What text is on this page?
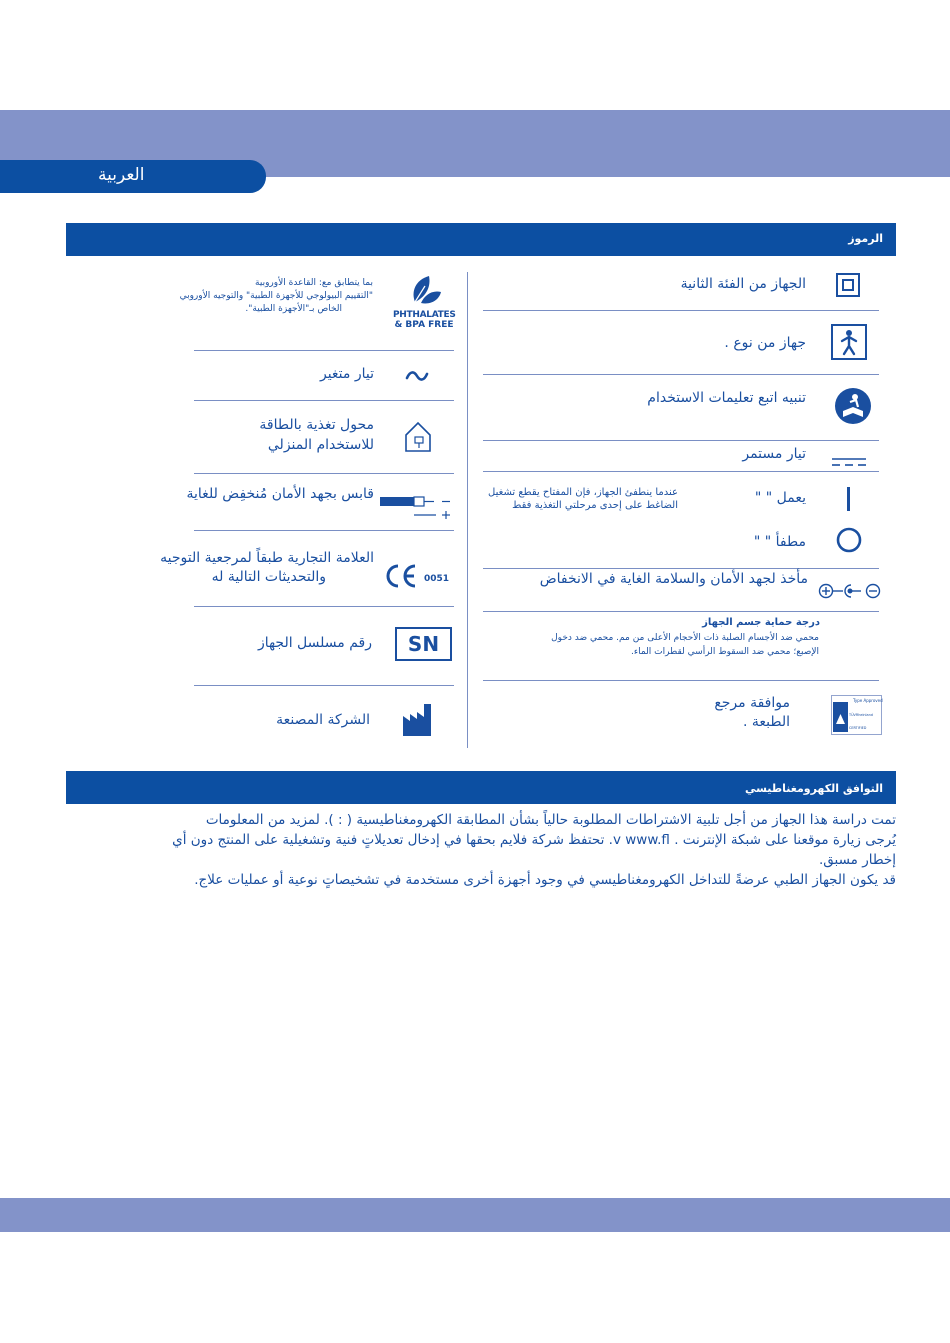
العربية
الرموز
الجهاز من الفئة الثانية
جهاز من نوع .
تنبيه اتبع تعليمات الاستخدام
تيار مستمر
يعمل " "
عندما ينطفئ الجهاز، فإن المفتاح يقطع تشغيل الضاغط على إحدى مرحلتي التغذية فقط
مطفأ " "
مأخذ لجهد الأمان والسلامة الغاية في الانخفاض
درجة حماية جسم الجهاز
محمي ضد الأجسام الصلبة ذات الأحجام الأعلى من مم. محمي ضد دخول
الإصبع؛ محمي ضد السقوط الرأسي لقطرات الماء.
Type Approved
TÜVRheinland
CERTIFIED
موافقة مرجع
الطبعة .
PHTHALATES
& BPA FREE
بما يتطابق مع: القاعدة الأوروبية
"التقييم البيولوجي للأجهزة الطبية" والتوجيه الأوروبي
الخاص بـ"الأجهزة الطبية".
تيار متغير
محول تغذية بالطاقة
للاستخدام المنزلي
قابس بجهد الأمان مُنخفِض للغاية
0051
العلامة التجارية طبقاً لمرجعية التوجيه
والتحديثات التالية له
SN
رقم مسلسل الجهاز
الشركة المصنعة
التوافق الكهرومغناطيسي
تمت دراسة هذا الجهاز من أجل تلبية الاشتراطات المطلوبة حالياً بشأن المطابقة الكهرومغناطيسية ( : ). لمزيد من المعلومات
يُرجى زيارة موقعنا على شبكة الإنترنت . v www.fl. تحتفظ شركة فلايم بحقها في إدخال تعديلاتٍ فنية وتشغيلية على المنتج دون أي
إخطار مسبق.
قد يكون الجهاز الطبي عرضةً للتداخل الكهرومغناطيسي في وجود أجهزة أخرى مستخدمة في تشخيصاتٍ نوعية أو عمليات علاج.
